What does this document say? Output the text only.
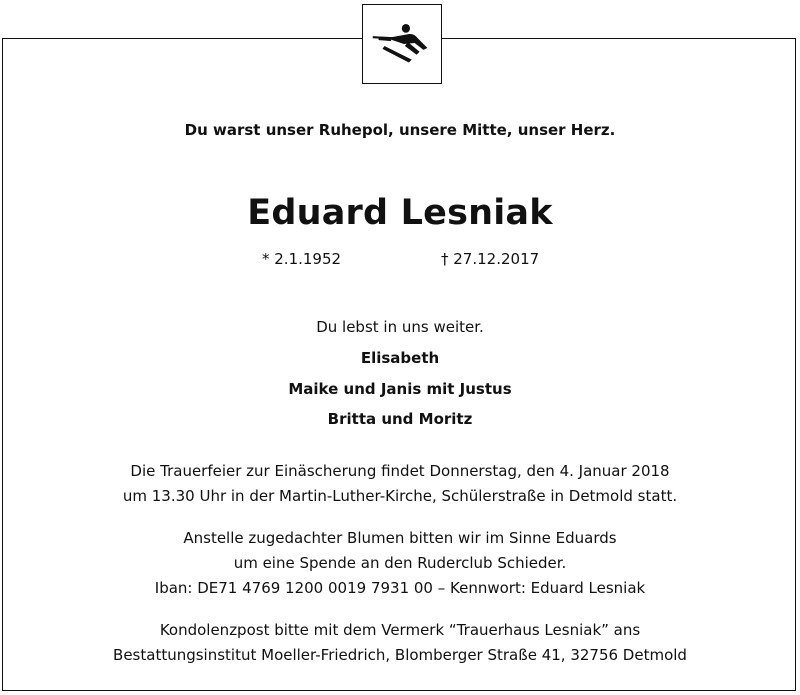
Du warst unser Ruhepol, unsere Mitte, unser Herz.

Eduard Lesniak

* 2.1.1952	† 27.12.2017

Du lebst in uns weiter.

Elisabeth

Maike und Janis mit Justus

Britta und Moritz

Die Trauerfeier zur Einäscherung findet Donnerstag, den 4. Januar 2018

um 13.30 Uhr in der Martin-Luther-Kirche, Schülerstraße in Detmold statt.

Anstelle zugedachter Blumen bitten wir im Sinne Eduards

um eine Spende an den Ruderclub Schieder.

Iban: DE71 4769 1200 0019 7931 00 – Kennwort: Eduard Lesniak

Kondolenzpost bitte mit dem Vermerk “Trauerhaus Lesniak” ans

Bestattungsinstitut Moeller-Friedrich, Blomberger Straße 41, 32756 Detmold
